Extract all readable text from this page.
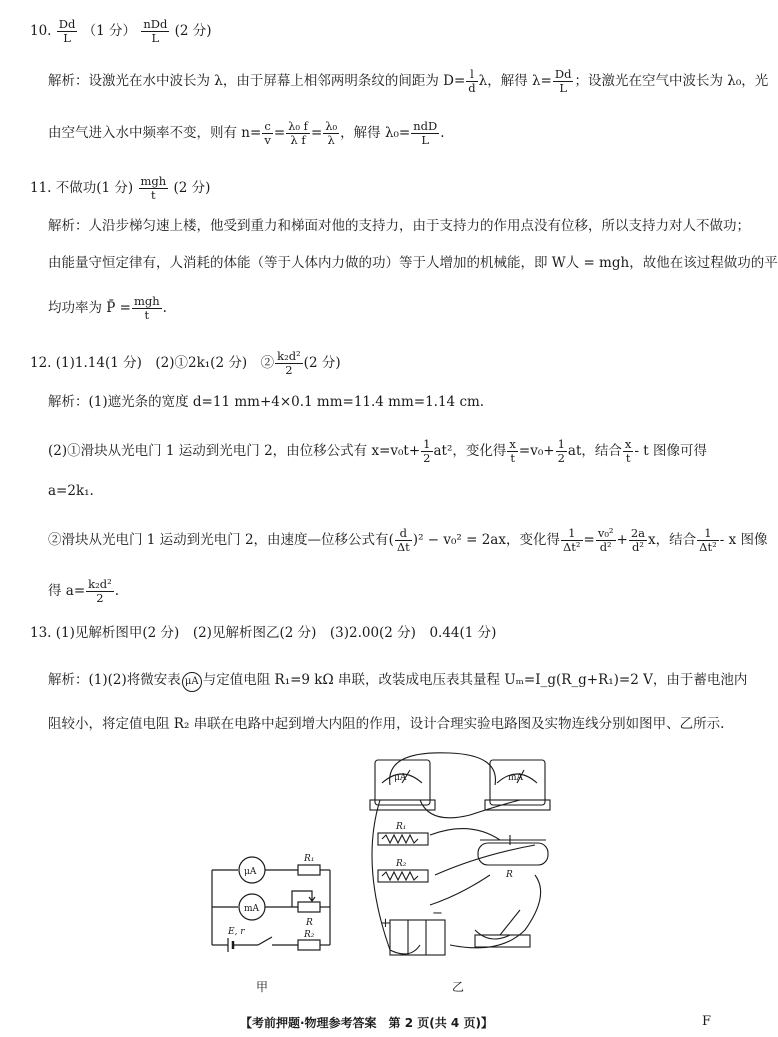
10. $\frac{Dd}{L} (1$ 分） $\frac{\text{nDd}}{L} (2$ 分)
解析：设激光在水中波长为 λ，由于屏幕上相邻两明条纹的间距为 $D= \frac{l}{d}$ λ，解得 $\lambda= \frac{Dd}{L}$ ；设激光在空气中波长为 λ₀，光
由空气进入水中频率不变，则有 $n= \frac{c}{v} = \frac{\text{λ₀ f}}{\text{λ f}} = \frac{\text{λ₀}}{\lambda}$ ，解得 $\lambda_0= \frac{\text{ndD}}{L}$ .
11. 不做功(1 分) $\frac{\text{mgh}}{t} (2$ 分)
解析：人沿步梯匀速上楼，他受到重力和梯面对他的支持力，由于支持力的作用点没有位移，所以支持力对人不做功；
由能量守恒定律有，人消耗的体能（等于人体内力做的功）等于人增加的机械能，即 W人 = mgh，故他在该过程做功的平
均功率为 P̄ = $\frac{\text{mgh}}{t}$ .
12. (1)1.14(1 分)　(2)①2k₁(2 分)　② $\frac{\text{k₂d²}}{2} (2$ 分)
解析：(1)遮光条的宽度 d=11 mm+4×0.1 mm=11.4 mm=1.14 cm.
(2)①滑块从光电门 1 运动到光电门 2，由位移公式有 $x=v_0t+ \frac{1}{2} at^2$，变化得 $\frac{x}{t} =v_0+ \frac{1}{2}$ at，结合 $\frac{x}{t}$ - t 图像可得
a=2k₁.
②滑块从光电门 1 运动到光电门 2，由速度—位移公式有( $\frac{d}{\Delta t} )^2 - v_0^2 = 2ax$，变化得 $\frac{1}{\text{Δt²}} = \frac{\text{v₀²}}{\text{d²}} + \frac{2a}{\text{d²}}$ x，结合 $\frac{1}{\text{Δt²}}$ - x 图像
得 $a= \frac{\text{k₂d²}}{2}$ .
13. (1)见解析图甲(2 分)　(2)见解析图乙(2 分)　(3)2.00(2 分)　0.44(1 分)
解析：(1)(2)将微安表 μA 与定值电阻 R₁=9 kΩ 串联，改装成电压表其量程 Uₘ=I_g(R_g+R₁)=2 V，由于蓄电池内
阻较小，将定值电阻 R₂ 串联在电路中起到增大内阻的作用，设计合理实验电路图及实物连线分别如图甲、乙所示.
μA
mA
R₁
R
R₂
E, r
甲
μA	mA
R₁
R₂
R
+
−
乙
【考前押题·物理参考答案　第 2 页(共 4 页)】	F
